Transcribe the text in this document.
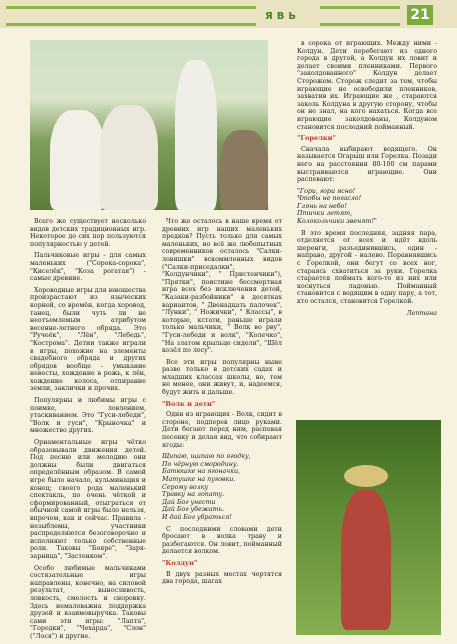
ЯВЬ	21

Всего же существует несколько видов детских традиционных игр. Некоторое до сих пор пользуются популярностью у детей.

Пальчиковые игры - для самых маленьких ("Сорока-сорока", "Киселёк", "Коза рогатая") - самые древние.

Хороводные игры для юношества произрастают из языческих корней, со времён, когда хоровод, танец, были чуть ли не неотъемлемым атрибутом весенне-летнего обряда. Это "Ручеёк", "Лён", "Лебедь", "Кострома". Детии также играли в игры, похожие на элементы свадебного обряда и других обрядов вообще - умыкание невесты, хождение в рожь, к лён, хождение колоса, отпирание земли, заклички и прочих.

Популярны и любимы игры с поимке, ловлением, утаскиванием. Это "Гуси-лебеди", "Волк и гуси", "Крыночка" и множество других.

Орнаментальные игры чётко образовывали движения детей. Под песню или мелодию они должны были двигаться определённым образом. В самой игре было начало, кульминация и конец; своего рода маленький спектакль, по очень чёткой и сформированный, отыграться от обычной самой игры было нельзя, впрочем, как и сейчас. Правила - незыблемы, участники распределяются безоговорочно и исполняют только собственные роли. Таковы "Бояре", "Заря-зарница", "Застенком".

Особо любимые мальчиками состязательные игры направлены, конечно, на силовой результат, выносливость, ловкость, смелость и сноровку. Здесь немаловажна поддержка друзей и взаимовыручка. Таковы сами эти игры: "Лапта", "Городки", "Чехарда", "Слон" ("Лося") и другие.

Что же осталось в наше время от древних игр наших маленьких предков? Пусть только для самых маленьких, но всё же любопытных современников осталось "Салки-ловишки" вскоммленных видов ("Салки-приседалки", "Колдунчики", " Пристенчики"), "Прятки", поистине бессмертная игра всех без исключения детей, "Казаки-разбойники" в десятках вариантов, " Двенадцать палочек", "Лунки", " Ножички", " Классы", в которые, кстати, раньше играли только мальчики, " Волк во рву", "Гуси-лебеди и волк", "Колечко", "На златом крыльце сидели", "Шёл козёл по лесу".

Все эти игры популярны ныне разве только в детских садах и младших классах школы, но, тем не менее, они живут, и, надеемся, будут жить и дальше.

"Волк и дети"

Один из играющих - Волк, сидит в стороне, подперев лицо руками. Дети бегают перед ним, распевая песенку и делая вид, что собирают ягоды:

Щипаю, щипаю по ягодку,
По чёрную смородину.
Батюшке на ягоначки,
Матушке на пуговки.
Серому волку
Травку на лопату.
Дай Бог унести
Дай Бог убежать.
И дай Бог убраться!

С последними словами дети бросают в волка траву и разбегаются. Он ловит, пойманный делается волком.

"Колдун"

В двух разных местах чертятся два города, шагах

в сорока от играющих. Между ними - Колдун. Дети перебегают из одного города в другой, а Колдун их ловит и делает своими пленниками. Первого "заколдованного" Колдун делает Сторожем. Сторож следит за тем, чтобы играющие не освободили пленников, захватив их. Играющие же , стараются заколь Колдуна в другую сторону, чтобы он не знал, на кого нахаться. Когда все играющие заколдованы, Колдуном становится последний пойманный.

"Горелки"

Сначала выбирают водящего. Он называется Огарыш или Горелка. Позади него на расстоянии 80-100 см парами выстраиваются играющие. Они распевают:

"Гори, гори ясно!
Чтобы не погасло!
Глянь на небо!
Птички летят,
Колокольчики звенят!"

В это время последняя, задняя пара, отделяется от всех и идёт вдоль шеренги, разъединившись, один - направо, другой - налево. Поравнявшись с Горелкой, они бегут со всех ног, стараясь схватиться за руки. Горелка старается поймать кого-то из них или коснуться ладонью. Пойманный становится с водящим в одну пару, а тот, кто остался, становится Горелкой.

Лептана
